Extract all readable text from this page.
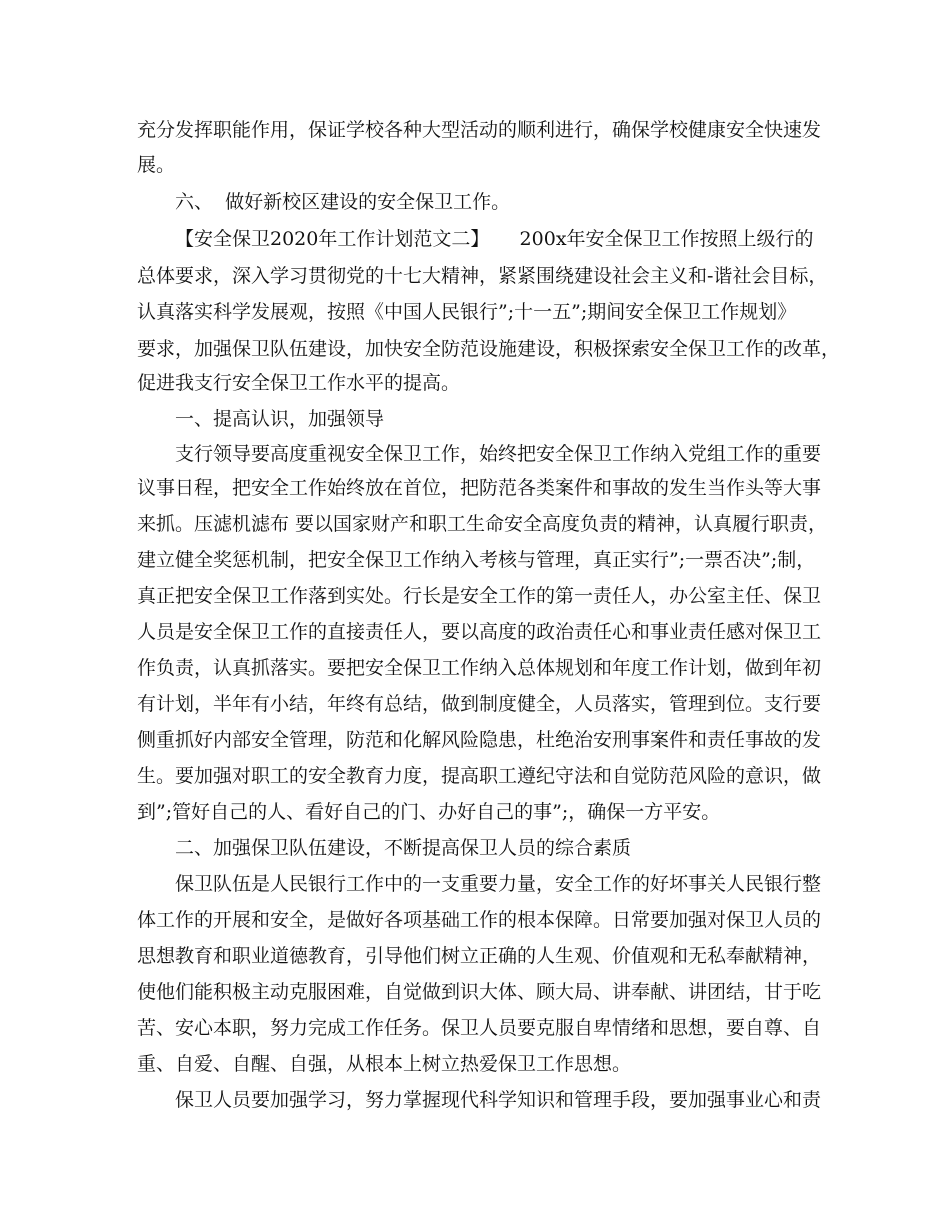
充分发挥职能作用，保证学校各种大型活动的顺利进行，确保学校健康安全快速发
展。
六、  做好新校区建设的安全保卫工作。
【安全保卫2020年工作计划范文二】     200x年安全保卫工作按照上级行的
总体要求，深入学习贯彻党的十七大精神，紧紧围绕建设社会主义和-谐社会目标，
认真落实科学发展观，按照《中国人民银行”;十一五”;期间安全保卫工作规划》
要求，加强保卫队伍建设，加快安全防范设施建设，积极探索安全保卫工作的改革，
促进我支行安全保卫工作水平的提高。
一、提高认识，加强领导
支行领导要高度重视安全保卫工作，始终把安全保卫工作纳入党组工作的重要
议事日程，把安全工作始终放在首位，把防范各类案件和事故的发生当作头等大事
来抓。压滤机滤布 要以国家财产和职工生命安全高度负责的精神，认真履行职责，
建立健全奖惩机制，把安全保卫工作纳入考核与管理，真正实行”;一票否决”;制，
真正把安全保卫工作落到实处。行长是安全工作的第一责任人，办公室主任、保卫
人员是安全保卫工作的直接责任人，要以高度的政治责任心和事业责任感对保卫工
作负责，认真抓落实。要把安全保卫工作纳入总体规划和年度工作计划，做到年初
有计划，半年有小结，年终有总结，做到制度健全，人员落实，管理到位。支行要
侧重抓好内部安全管理，防范和化解风险隐患，杜绝治安刑事案件和责任事故的发
生。要加强对职工的安全教育力度，提高职工遵纪守法和自觉防范风险的意识，做
到”;管好自己的人、看好自己的门、办好自己的事”;，确保一方平安。
二、加强保卫队伍建设，不断提高保卫人员的综合素质
保卫队伍是人民银行工作中的一支重要力量，安全工作的好坏事关人民银行整
体工作的开展和安全，是做好各项基础工作的根本保障。日常要加强对保卫人员的
思想教育和职业道德教育，引导他们树立正确的人生观、价值观和无私奉献精神，
使他们能积极主动克服困难，自觉做到识大体、顾大局、讲奉献、讲团结，甘于吃
苦、安心本职，努力完成工作任务。保卫人员要克服自卑情绪和思想，要自尊、自
重、自爱、自醒、自强，从根本上树立热爱保卫工作思想。
保卫人员要加强学习，努力掌握现代科学知识和管理手段，要加强事业心和责
